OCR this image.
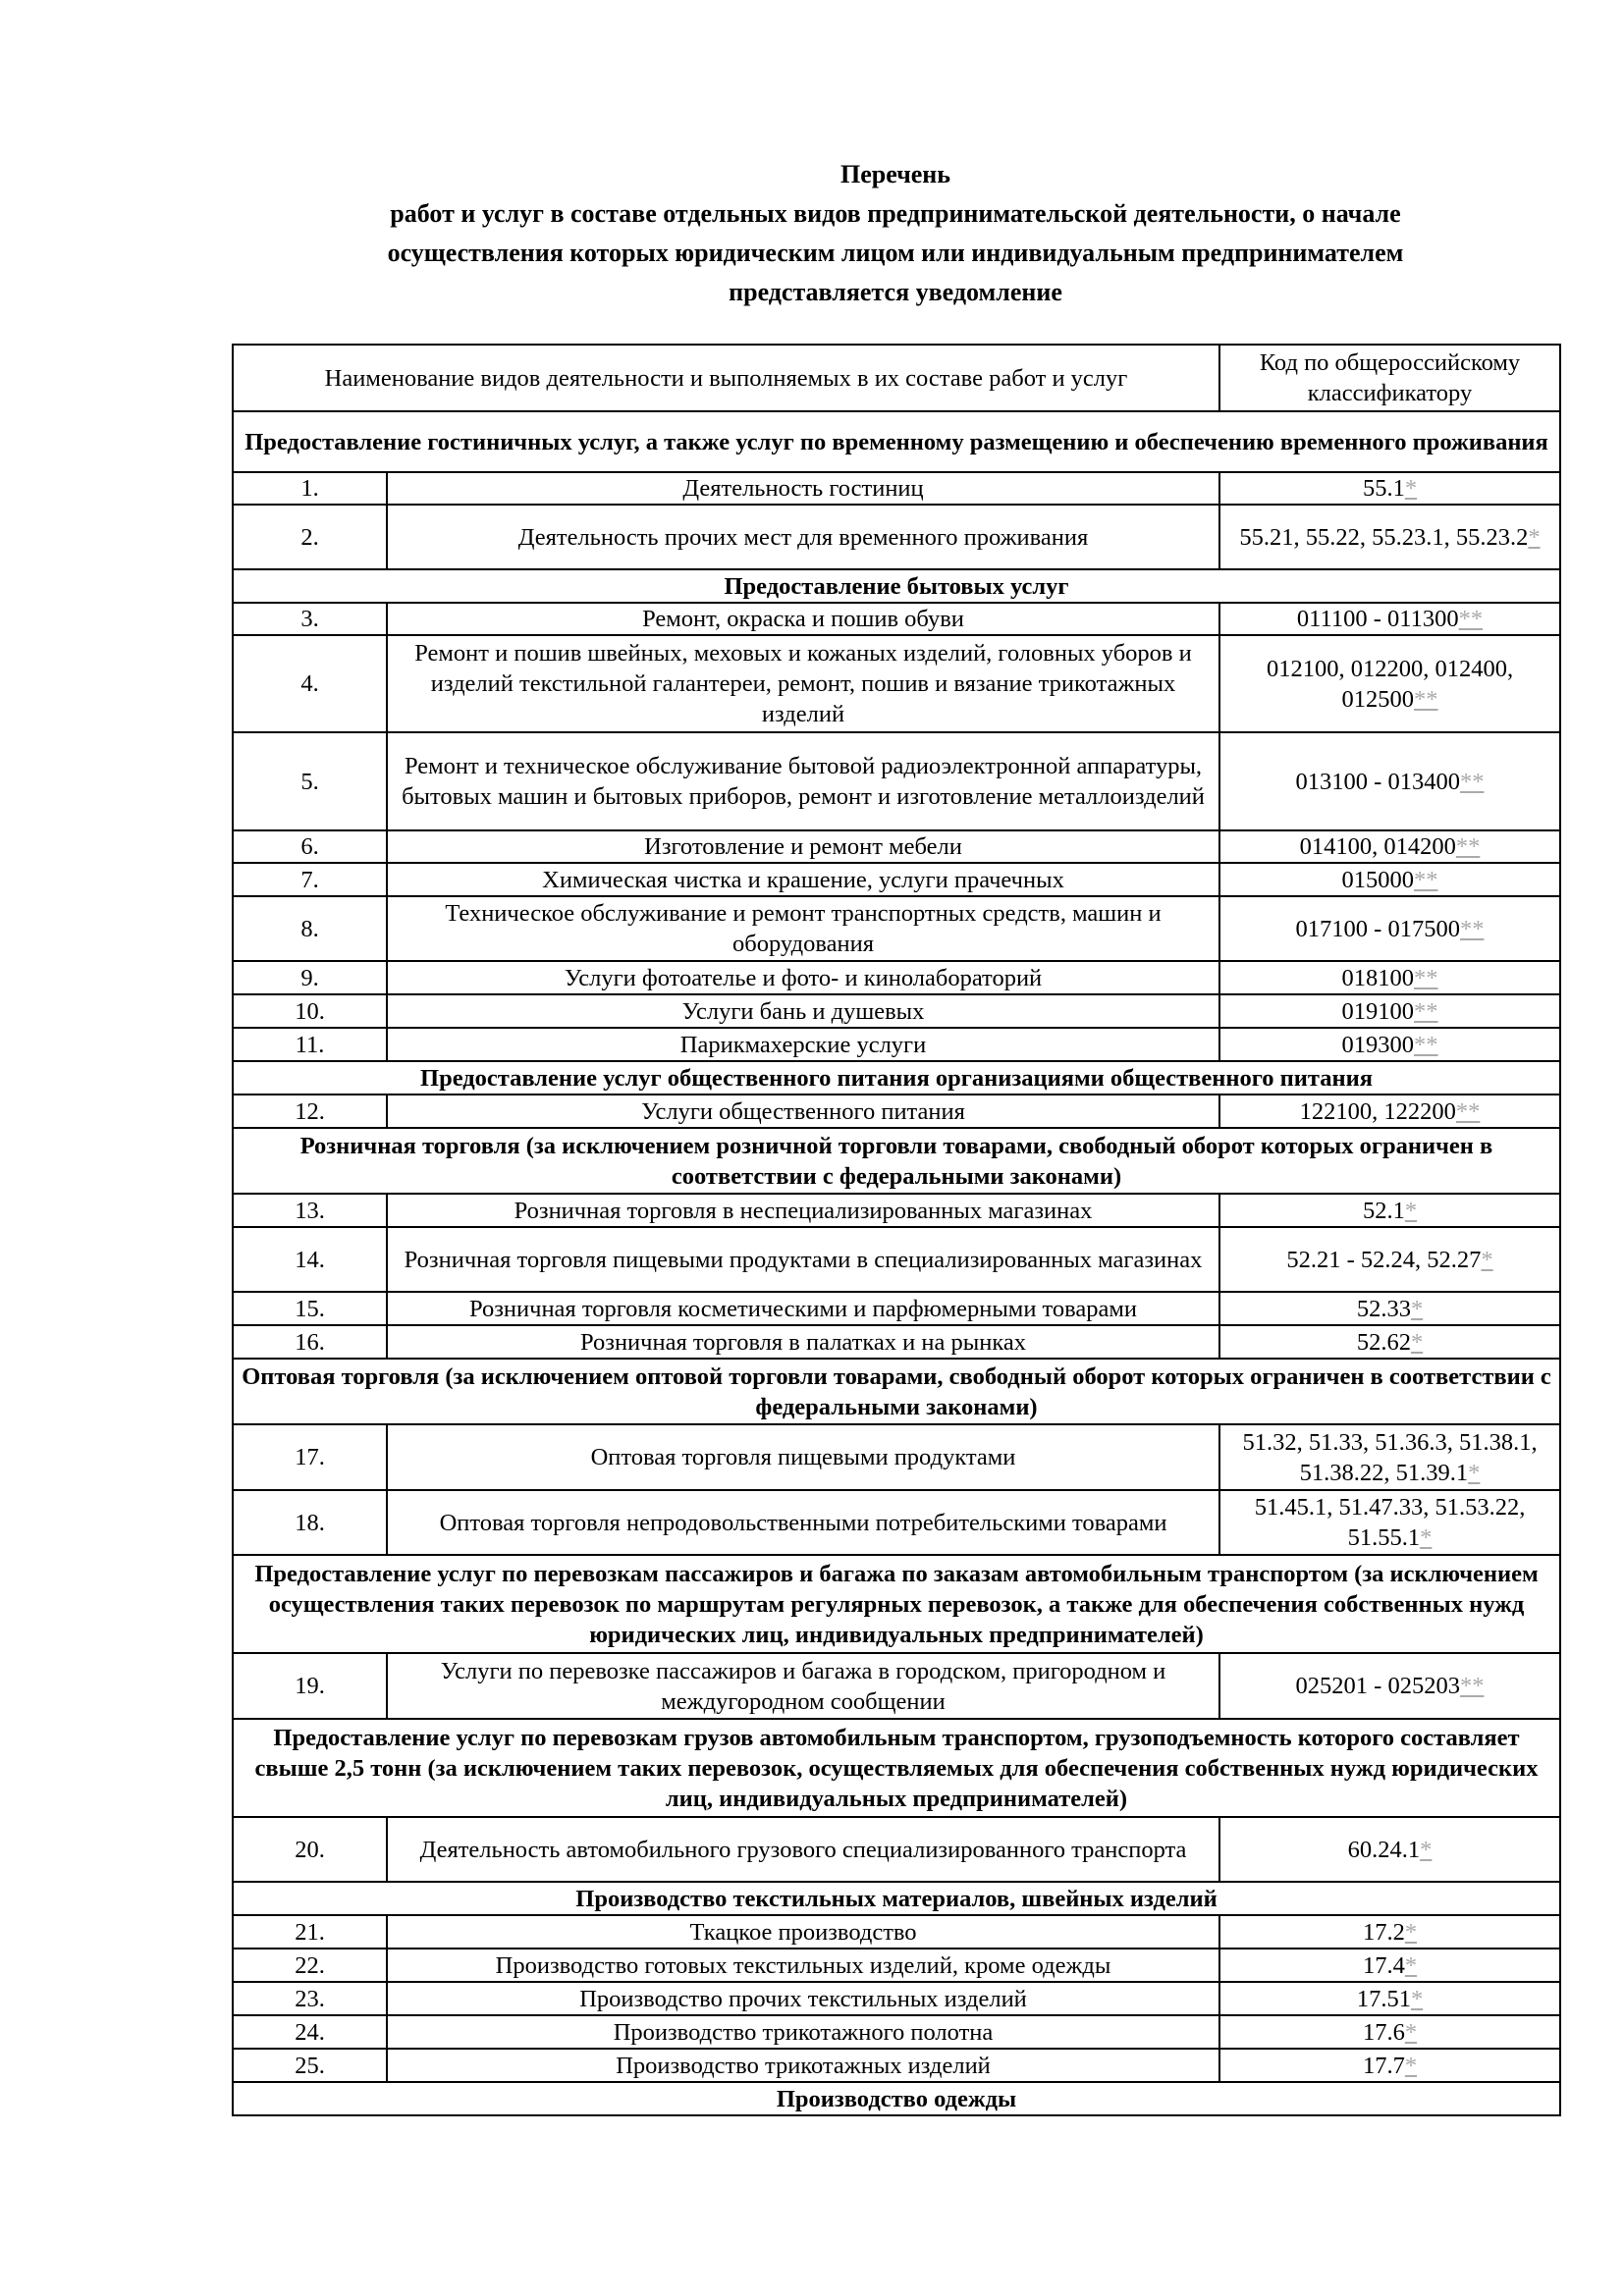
Перечень
работ и услуг в составе отдельных видов предпринимательской деятельности, о начале
осуществления которых юридическим лицом или индивидуальным предпринимателем
представляется уведомление
Наименование видов деятельности и выполняемых в их составе работ и услуг		Код по общероссийскому классификатору
Предоставление гостиничных услуг, а также услуг по временному размещению и обеспечению временного проживания		
1.	Деятельность гостиниц	55.1*
2.	Деятельность прочих мест для временного проживания	55.21, 55.22, 55.23.1, 55.23.2*
Предоставление бытовых услуг		
3.	Ремонт, окраска и пошив обуви	011100 - 011300**
4.	Ремонт и пошив швейных, меховых и кожаных изделий, головных уборов и изделий текстильной галантереи, ремонт, пошив и вязание трикотажных изделий	012100, 012200, 012400, 012500**
5.	Ремонт и техническое обслуживание бытовой радиоэлектронной аппаратуры, бытовых машин и бытовых приборов, ремонт и изготовление металлоизделий	013100 - 013400**
6.	Изготовление и ремонт мебели	014100, 014200**
7.	Химическая чистка и крашение, услуги прачечных	015000**
8.	Техническое обслуживание и ремонт транспортных средств, машин и оборудования	017100 - 017500**
9.	Услуги фотоателье и фото- и кинолабораторий	018100**
10.	Услуги бань и душевых	019100**
11.	Парикмахерские услуги	019300**
Предоставление услуг общественного питания организациями общественного питания		
12.	Услуги общественного питания	122100, 122200**
Розничная торговля (за исключением розничной торговли товарами, свободный оборот которых ограничен в соответствии с федеральными законами)		
13.	Розничная торговля в неспециализированных магазинах	52.1*
14.	Розничная торговля пищевыми продуктами в специализированных магазинах	52.21 - 52.24, 52.27*
15.	Розничная торговля косметическими и парфюмерными товарами	52.33*
16.	Розничная торговля в палатках и на рынках	52.62*
Оптовая торговля (за исключением оптовой торговли товарами, свободный оборот которых ограничен в соответствии с федеральными законами)		
17.	Оптовая торговля пищевыми продуктами	51.32, 51.33, 51.36.3, 51.38.1, 51.38.22, 51.39.1*
18.	Оптовая торговля непродовольственными потребительскими товарами	51.45.1, 51.47.33, 51.53.22, 51.55.1*
Предоставление услуг по перевозкам пассажиров и багажа по заказам автомобильным транспортом (за исключением осуществления таких перевозок по маршрутам регулярных перевозок, а также для обеспечения собственных нужд юридических лиц, индивидуальных предпринимателей)		
19.	Услуги по перевозке пассажиров и багажа в городском, пригородном и междугородном сообщении	025201 - 025203**
Предоставление услуг по перевозкам грузов автомобильным транспортом, грузоподъемность которого составляет свыше 2,5 тонн (за исключением таких перевозок, осуществляемых для обеспечения собственных нужд юридических лиц, индивидуальных предпринимателей)		
20.	Деятельность автомобильного грузового специализированного транспорта	60.24.1*
Производство текстильных материалов, швейных изделий		
21.	Ткацкое производство	17.2*
22.	Производство готовых текстильных изделий, кроме одежды	17.4*
23.	Производство прочих текстильных изделий	17.51*
24.	Производство трикотажного полотна	17.6*
25.	Производство трикотажных изделий	17.7*
Производство одежды		
